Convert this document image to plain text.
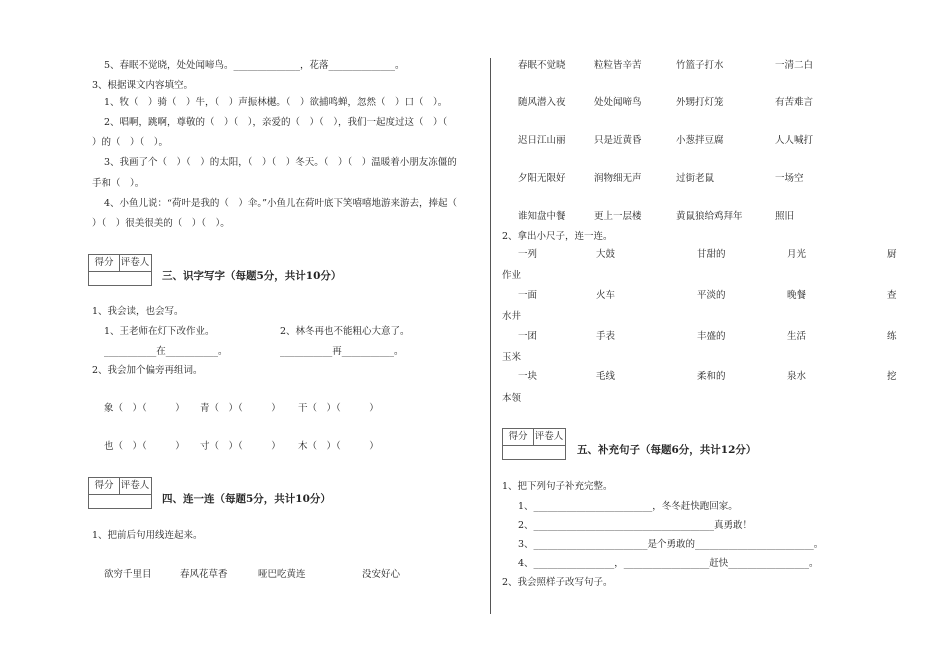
5、春眠不觉晓，处处闻啼鸟。______________，花落______________。
3、根据课文内容填空。
1、牧（　）骑（　）牛，（　）声振林樾。（　）欲捕鸣蝉，忽然（　）口（　）。
2、唱啊，跳啊，尊敬的（　）（　），亲爱的（　）（　），我们一起度过这（　）（
）的（　）（　）。
3、我画了个（　）（　）的太阳，（　）（　）冬天。（　）（　）温暖着小朋友冻僵的
手和（　）。
4、小鱼儿说：“荷叶是我的（　）伞。”小鱼儿在荷叶底下笑嘻嘻地游来游去，捧起（
）（　）很美很美的（　）（　）。
得分 评卷人
三、识字写字（每题5分，共计10分）
1、我会读，也会写。
1、王老师在灯下改作业。	2、林冬再也不能粗心大意了。
___________在___________。	___________再___________。
2、我会加个偏旁再组词。
象（　）（　　　） 青（　）（　　　） 干（　）（　　　）
也（　）（　　　） 寸（　）（　　　） 木（　）（　　　）
得分 评卷人
四、连一连（每题5分，共计10分）
1、把前后句用线连起来。
欲穷千里目	春风花草香	哑巴吃黄连	没安好心
春眠不觉晓	粒粒皆辛苦	竹篮子打水	一清二白
随风潜入夜	处处闻啼鸟	外甥打灯笼	有苦难言
迟日江山丽	只是近黄昏	小葱拌豆腐	人人喊打
夕阳无限好	润物细无声	过街老鼠	一场空
谁知盘中餐	更上一层楼	黄鼠狼给鸡拜年	照旧
2、拿出小尺子，连一连。
一列	大鼓	甘甜的	月光	厨
作业
一面	火车	平淡的	晚餐	查
水井
一团	手表	丰盛的	生活	练
玉米
一块	毛线	柔和的	泉水	挖
本领
得分 评卷人
五、补充句子（每题6分，共计12分）
1、把下列句子补充完整。
1、_________________________，冬冬赶快跑回家。
2、______________________________________真勇敢！
3、________________________是个勇敢的_________________________。
4、_________________，__________________赶快_________________。
2、我会照样子改写句子。
